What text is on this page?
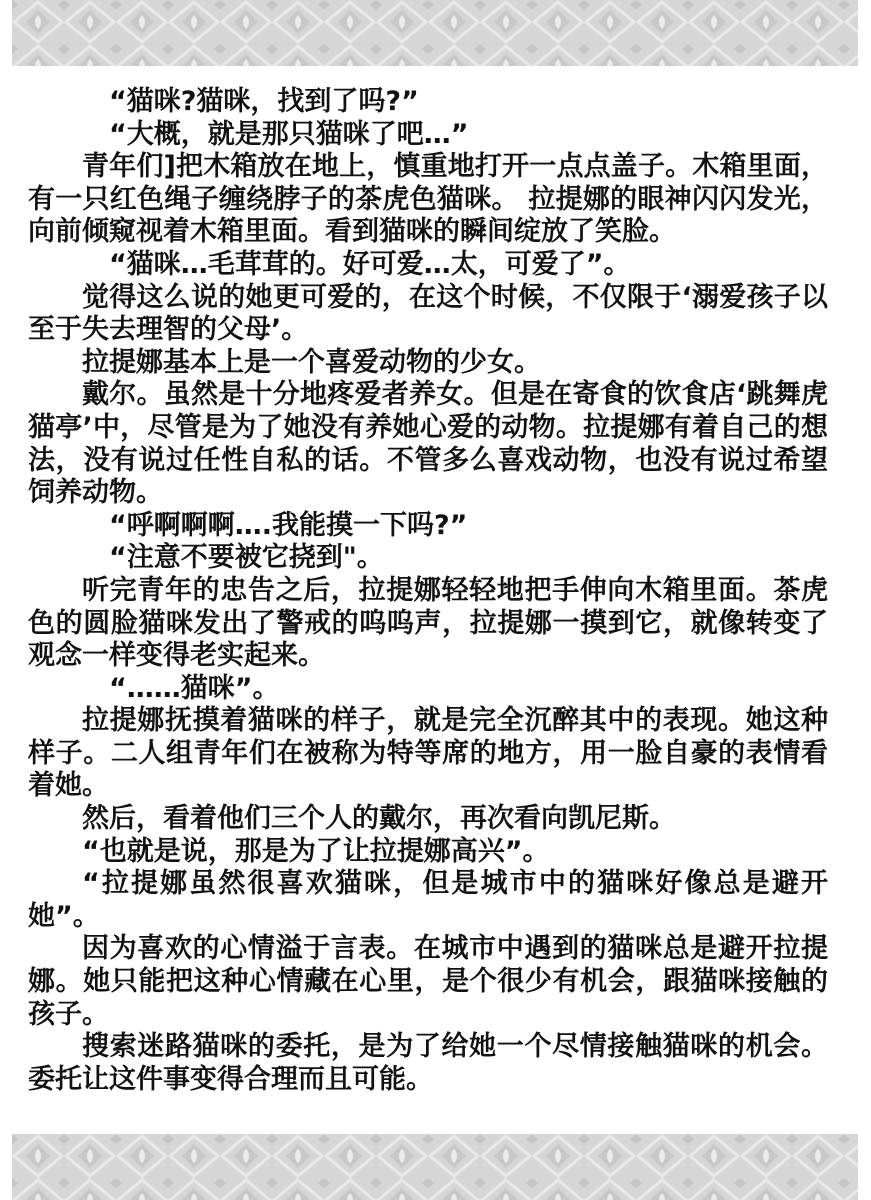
“猫咪?猫咪，找到了吗?”

“大概，就是那只猫咪了吧…”

青年们]把木箱放在地上，慎重地打开一点点盖子。木箱里面，有一只红色绳子缠绕脖子的茶虎色猫咪。 拉提娜的眼神闪闪发光，向前倾窥视着木箱里面。看到猫咪的瞬间绽放了笑脸。

“猫咪…毛茸茸的。好可爱…太，可爱了”。

觉得这么说的她更可爱的，在这个时候，不仅限于‘溺爱孩子以至于失去理智的父母’。

拉提娜基本上是一个喜爱动物的少女。

戴尔。虽然是十分地疼爱者养女。但是在寄食的饮食店‘跳舞虎猫亭’中，尽管是为了她没有养她心爱的动物。拉提娜有着自己的想法，没有说过任性自私的话。不管多么喜戏动物，也没有说过希望饲养动物。

“呼啊啊啊….我能摸一下吗?”

“注意不要被它挠到"。

听完青年的忠告之后，拉提娜轻轻地把手伸向木箱里面。茶虎色的圆脸猫咪发出了警戒的呜呜声，拉提娜一摸到它，就像转变了观念一样变得老实起来。

“……猫咪”。

拉提娜抚摸着猫咪的样子，就是完全沉醉其中的表现。她这种样子。二人组青年们在被称为特等席的地方，用一脸自豪的表情看着她。

然后，看着他们三个人的戴尔，再次看向凯尼斯。

“也就是说，那是为了让拉提娜高兴”。

“拉提娜虽然很喜欢猫咪，但是城市中的猫咪好像总是避开她”。

因为喜欢的心情溢于言表。在城市中遇到的猫咪总是避开拉提娜。她只能把这种心情藏在心里，是个很少有机会，跟猫咪接触的孩子。

搜索迷路猫咪的委托，是为了给她一个尽情接触猫咪的机会。委托让这件事变得合理而且可能。
